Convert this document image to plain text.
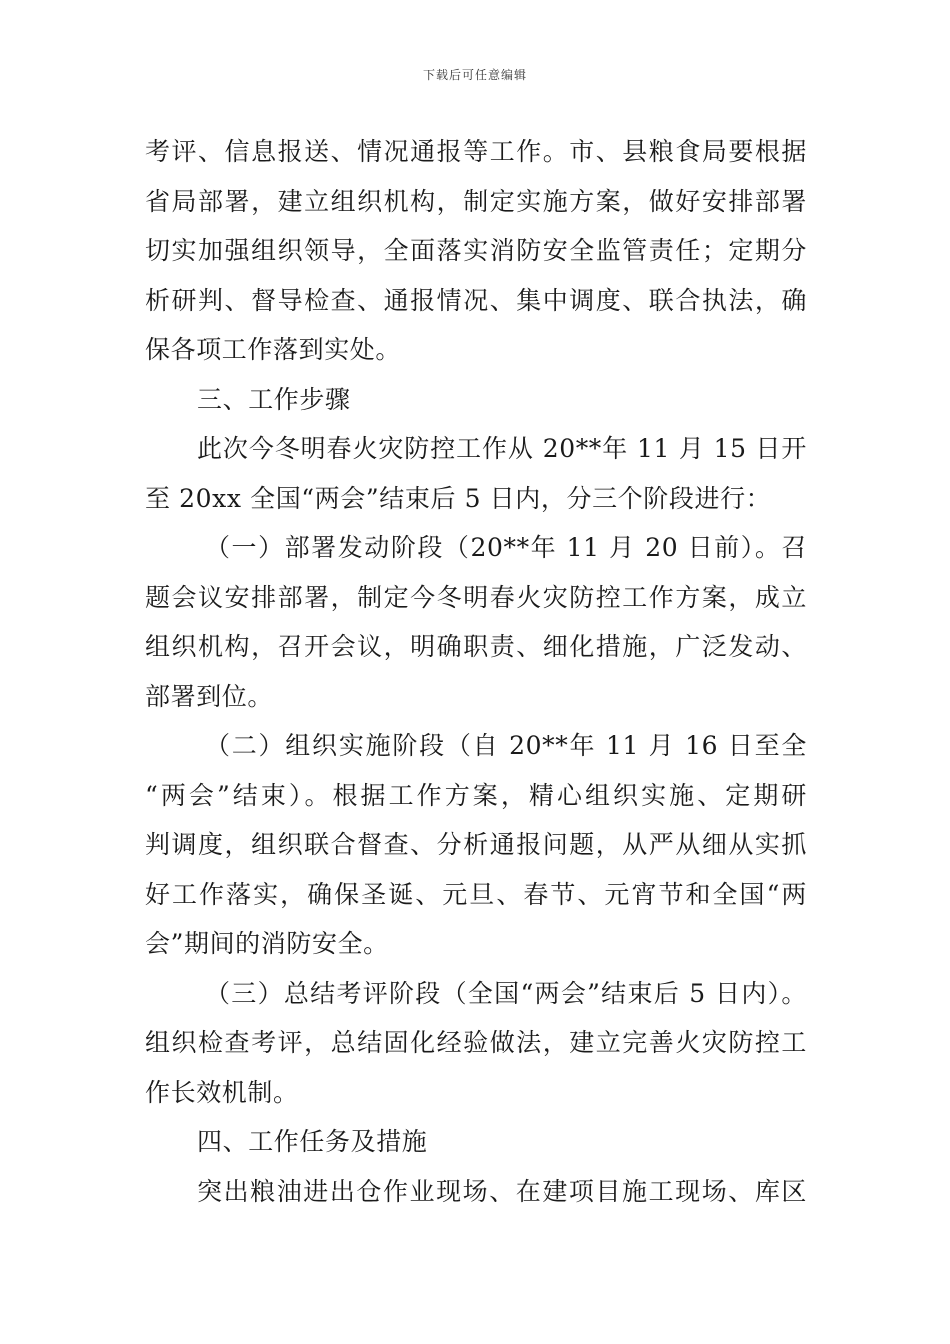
下载后可任意编辑
考评、信息报送、情况通报等工作。市、县粮食局要根据
省局部署，建立组织机构，制定实施方案，做好安排部署
切实加强组织领导，全面落实消防安全监管责任；定期分
析研判、督导检查、通报情况、集中调度、联合执法，确
保各项工作落到实处。
三、工作步骤
此次今冬明春火灾防控工作从 20**年 11 月 15 日开
至 20xx 全国“两会”结束后 5 日内，分三个阶段进行：
（一）部署发动阶段（20**年 11 月 20 日前）。召
题会议安排部署，制定今冬明春火灾防控工作方案，成立
组织机构，召开会议，明确职责、细化措施，广泛发动、
部署到位。
（二）组织实施阶段（自 20**年 11 月 16 日至全
“两会”结束）。根据工作方案，精心组织实施、定期研
判调度，组织联合督查、分析通报问题，从严从细从实抓
好工作落实，确保圣诞、元旦、春节、元宵节和全国“两
会”期间的消防安全。
（三）总结考评阶段（全国“两会”结束后 5 日内）。
组织检查考评，总结固化经验做法，建立完善火灾防控工
作长效机制。
四、工作任务及措施
突出粮油进出仓作业现场、在建项目施工现场、库区
